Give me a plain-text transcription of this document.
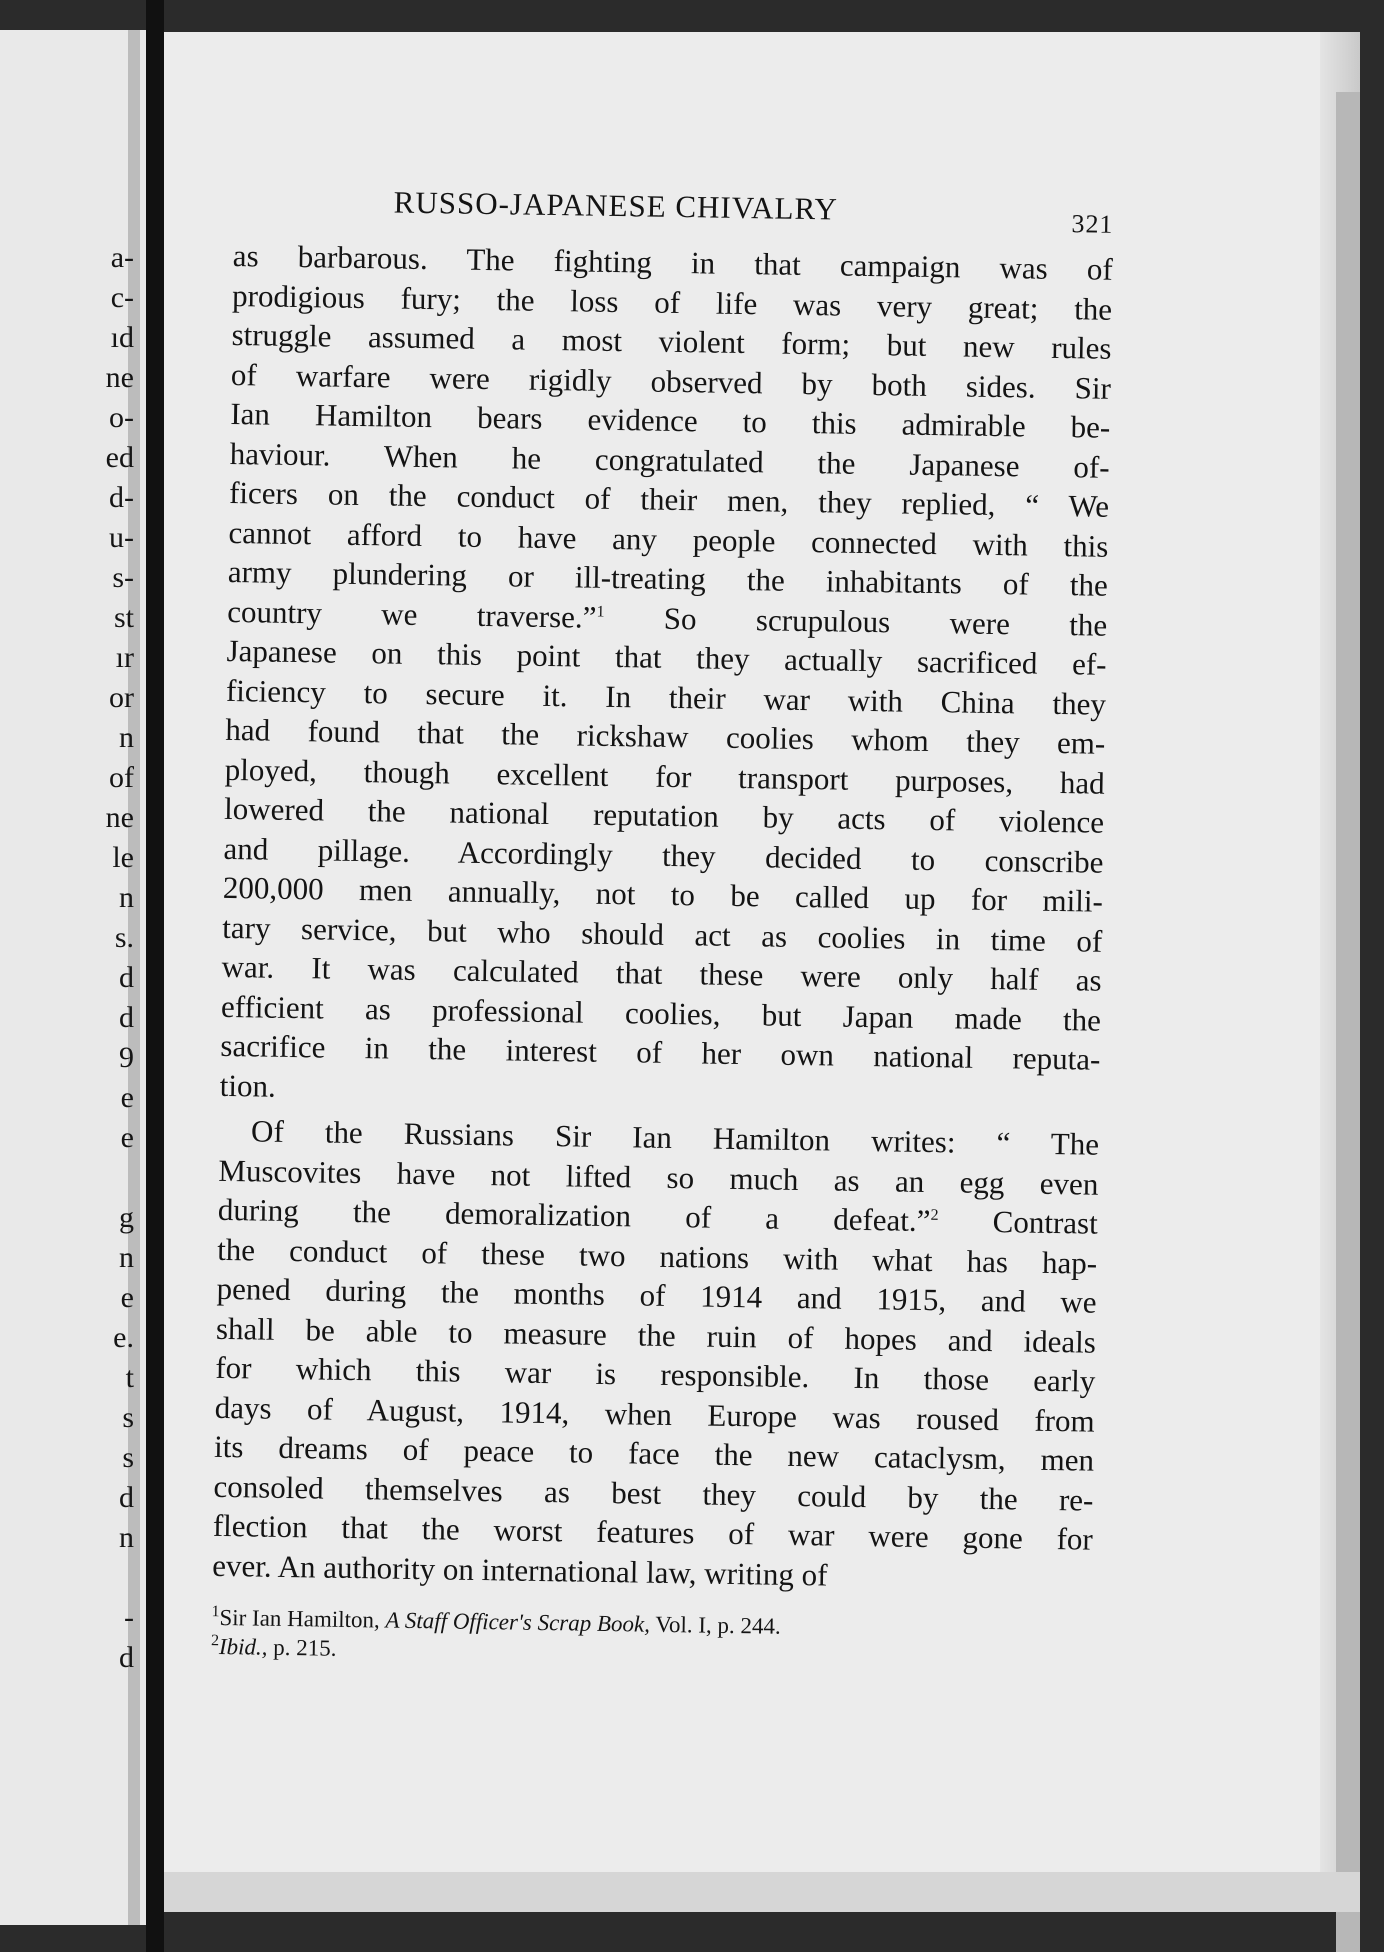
a-
c-
ıd
ne
o-
ed
d-
u-
s-
st
ır
or
n
of
ne
le
n
s.
d
d
9
e
e
g
n
e
e.
t
s
s
d
n
-
d
RUSSO-JAPANESE CHIVALRY	321
as barbarous. The fighting in that campaign was of
prodigious fury; the loss of life was very great; the
struggle assumed a most violent form; but new rules
of warfare were rigidly observed by both sides. Sir
Ian Hamilton bears evidence to this admirable be-
haviour. When he congratulated the Japanese of-
ficers on the conduct of their men, they replied, “ We
cannot afford to have any people connected with this
army plundering or ill-treating the inhabitants of the
country we traverse.”$^1$ So scrupulous were the
Japanese on this point that they actually sacrificed ef-
ficiency to secure it. In their war with China they
had found that the rickshaw coolies whom they em-
ployed, though excellent for transport purposes, had
lowered the national reputation by acts of violence
and pillage. Accordingly they decided to conscribe
200,000 men annually, not to be called up for mili-
tary service, but who should act as coolies in time of
war. It was calculated that these were only half as
efficient as professional coolies, but Japan made the
sacrifice in the interest of her own national reputa-
tion.
Of the Russians Sir Ian Hamilton writes: “ The
Muscovites have not lifted so much as an egg even
during the demoralization of a defeat.”$^2$ Contrast
the conduct of these two nations with what has hap-
pened during the months of 1914 and 1915, and we
shall be able to measure the ruin of hopes and ideals
for which this war is responsible. In those early
days of August, 1914, when Europe was roused from
its dreams of peace to face the new cataclysm, men
consoled themselves as best they could by the re-
flection that the worst features of war were gone for
ever. An authority on international law, writing of
$^1$Sir Ian Hamilton, A Staff Officer's Scrap Book, Vol. I, p. 244.
$^2$Ibid., p. 215.
